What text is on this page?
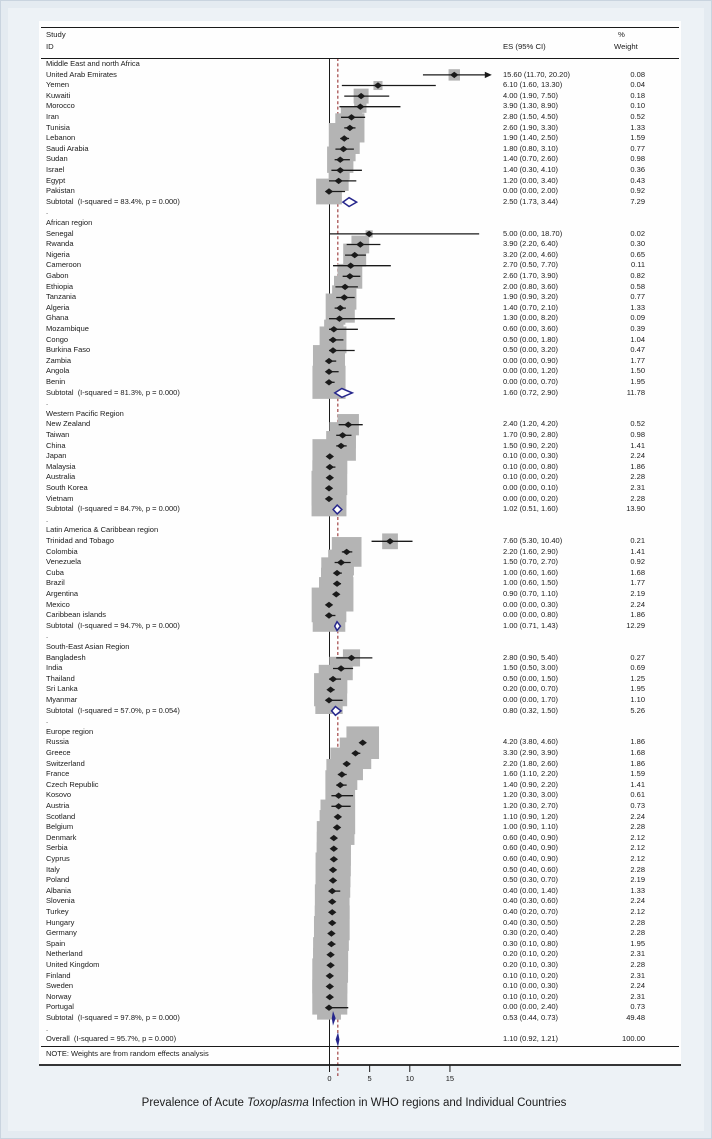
Study
ID	ES (95% CI)
%
Weight
Middle East and north Africa
United Arab Emirates	15.60 (11.70, 20.20)	0.08
Yemen	6.10 (1.60, 13.30)	0.04
Kuwaiti	4.00 (1.90, 7.50)	0.18
Morocco	3.90 (1.30, 8.90)	0.10
Iran	2.80 (1.50, 4.50)	0.52
Tunisia	2.60 (1.90, 3.30)	1.33
Lebanon	1.90 (1.40, 2.50)	1.59
Saudi Arabia	1.80 (0.80, 3.10)	0.77
Sudan	1.40 (0.70, 2.60)	0.98
Israel	1.40 (0.30, 4.10)	0.36
Egypt	1.20 (0.00, 3.40)	0.43
Pakistan	0.00 (0.00, 2.00)	0.92
Subtotal  (I-squared = 83.4%, p = 0.000)	2.50 (1.73, 3.44)	7.29
.
African region
Senegal	5.00 (0.00, 18.70)	0.02
Rwanda	3.90 (2.20, 6.40)	0.30
Nigeria	3.20 (2.00, 4.60)	0.65
Cameroon	2.70 (0.50, 7.70)	0.11
Gabon	2.60 (1.70, 3.90)	0.82
Ethiopia	2.00 (0.80, 3.60)	0.58
Tanzania	1.90 (0.90, 3.20)	0.77
Algeria	1.40 (0.70, 2.10)	1.33
Ghana	1.30 (0.00, 8.20)	0.09
Mozambique	0.60 (0.00, 3.60)	0.39
Congo	0.50 (0.00, 1.80)	1.04
Burkina Faso	0.50 (0.00, 3.20)	0.47
Zambia	0.00 (0.00, 0.90)	1.77
Angola	0.00 (0.00, 1.20)	1.50
Benin	0.00 (0.00, 0.70)	1.95
Subtotal  (I-squared = 81.3%, p = 0.000)	1.60 (0.72, 2.90)	11.78
.
Western Pacific Region
New Zealand	2.40 (1.20, 4.20)	0.52
Taiwan	1.70 (0.90, 2.80)	0.98
China	1.50 (0.90, 2.20)	1.41
Japan	0.10 (0.00, 0.30)	2.24
Malaysia	0.10 (0.00, 0.80)	1.86
Australia	0.10 (0.00, 0.20)	2.28
South Korea	0.00 (0.00, 0.10)	2.31
Vietnam	0.00 (0.00, 0.20)	2.28
Subtotal  (I-squared = 84.7%, p = 0.000)	1.02 (0.51, 1.60)	13.90
.
Latin America & Caribbean region
Trinidad and Tobago	7.60 (5.30, 10.40)	0.21
Colombia	2.20 (1.60, 2.90)	1.41
Venezuela	1.50 (0.70, 2.70)	0.92
Cuba	1.00 (0.60, 1.60)	1.68
Brazil	1.00 (0.60, 1.50)	1.77
Argentina	0.90 (0.70, 1.10)	2.19
Mexico	0.00 (0.00, 0.30)	2.24
Caribbean islands	0.00 (0.00, 0.80)	1.86
Subtotal  (I-squared = 94.7%, p = 0.000)	1.00 (0.71, 1.43)	12.29
.
South-East Asian Region
Bangladesh	2.80 (0.90, 5.40)	0.27
India	1.50 (0.50, 3.00)	0.69
Thailand	0.50 (0.00, 1.50)	1.25
Sri Lanka	0.20 (0.00, 0.70)	1.95
Myanmar	0.00 (0.00, 1.70)	1.10
Subtotal  (I-squared = 57.0%, p = 0.054)	0.80 (0.32, 1.50)	5.26
.
Europe region
Russia	4.20 (3.80, 4.60)	1.86
Greece	3.30 (2.90, 3.90)	1.68
Switzerland	2.20 (1.80, 2.60)	1.86
France	1.60 (1.10, 2.20)	1.59
Czech Republic	1.40 (0.90, 2.20)	1.41
Kosovo	1.20 (0.30, 3.00)	0.61
Austria	1.20 (0.30, 2.70)	0.73
Scotland	1.10 (0.90, 1.20)	2.24
Belgium	1.00 (0.90, 1.10)	2.28
Denmark	0.60 (0.40, 0.90)	2.12
Serbia	0.60 (0.40, 0.90)	2.12
Cyprus	0.60 (0.40, 0.90)	2.12
Italy	0.50 (0.40, 0.60)	2.28
Poland	0.50 (0.30, 0.70)	2.19
Albania	0.40 (0.00, 1.40)	1.33
Slovenia	0.40 (0.30, 0.60)	2.24
Turkey	0.40 (0.20, 0.70)	2.12
Hungary	0.40 (0.30, 0.50)	2.28
Germany	0.30 (0.20, 0.40)	2.28
Spain	0.30 (0.10, 0.80)	1.95
Netherland	0.20 (0.10, 0.20)	2.31
United Kingdom	0.20 (0.10, 0.30)	2.28
Finland	0.10 (0.10, 0.20)	2.31
Sweden	0.10 (0.00, 0.30)	2.24
Norway	0.10 (0.10, 0.20)	2.31
Portugal	0.00 (0.00, 2.40)	0.73
Subtotal  (I-squared = 97.8%, p = 0.000)	0.53 (0.44, 0.73)	49.48
.
Overall  (I-squared = 95.7%, p = 0.000)	1.10 (0.92, 1.21)	100.00
NOTE: Weights are from random effects analysis
0	5	10	15
Prevalence of Acute Toxoplasma Infection in WHO regions and Individual Countries
